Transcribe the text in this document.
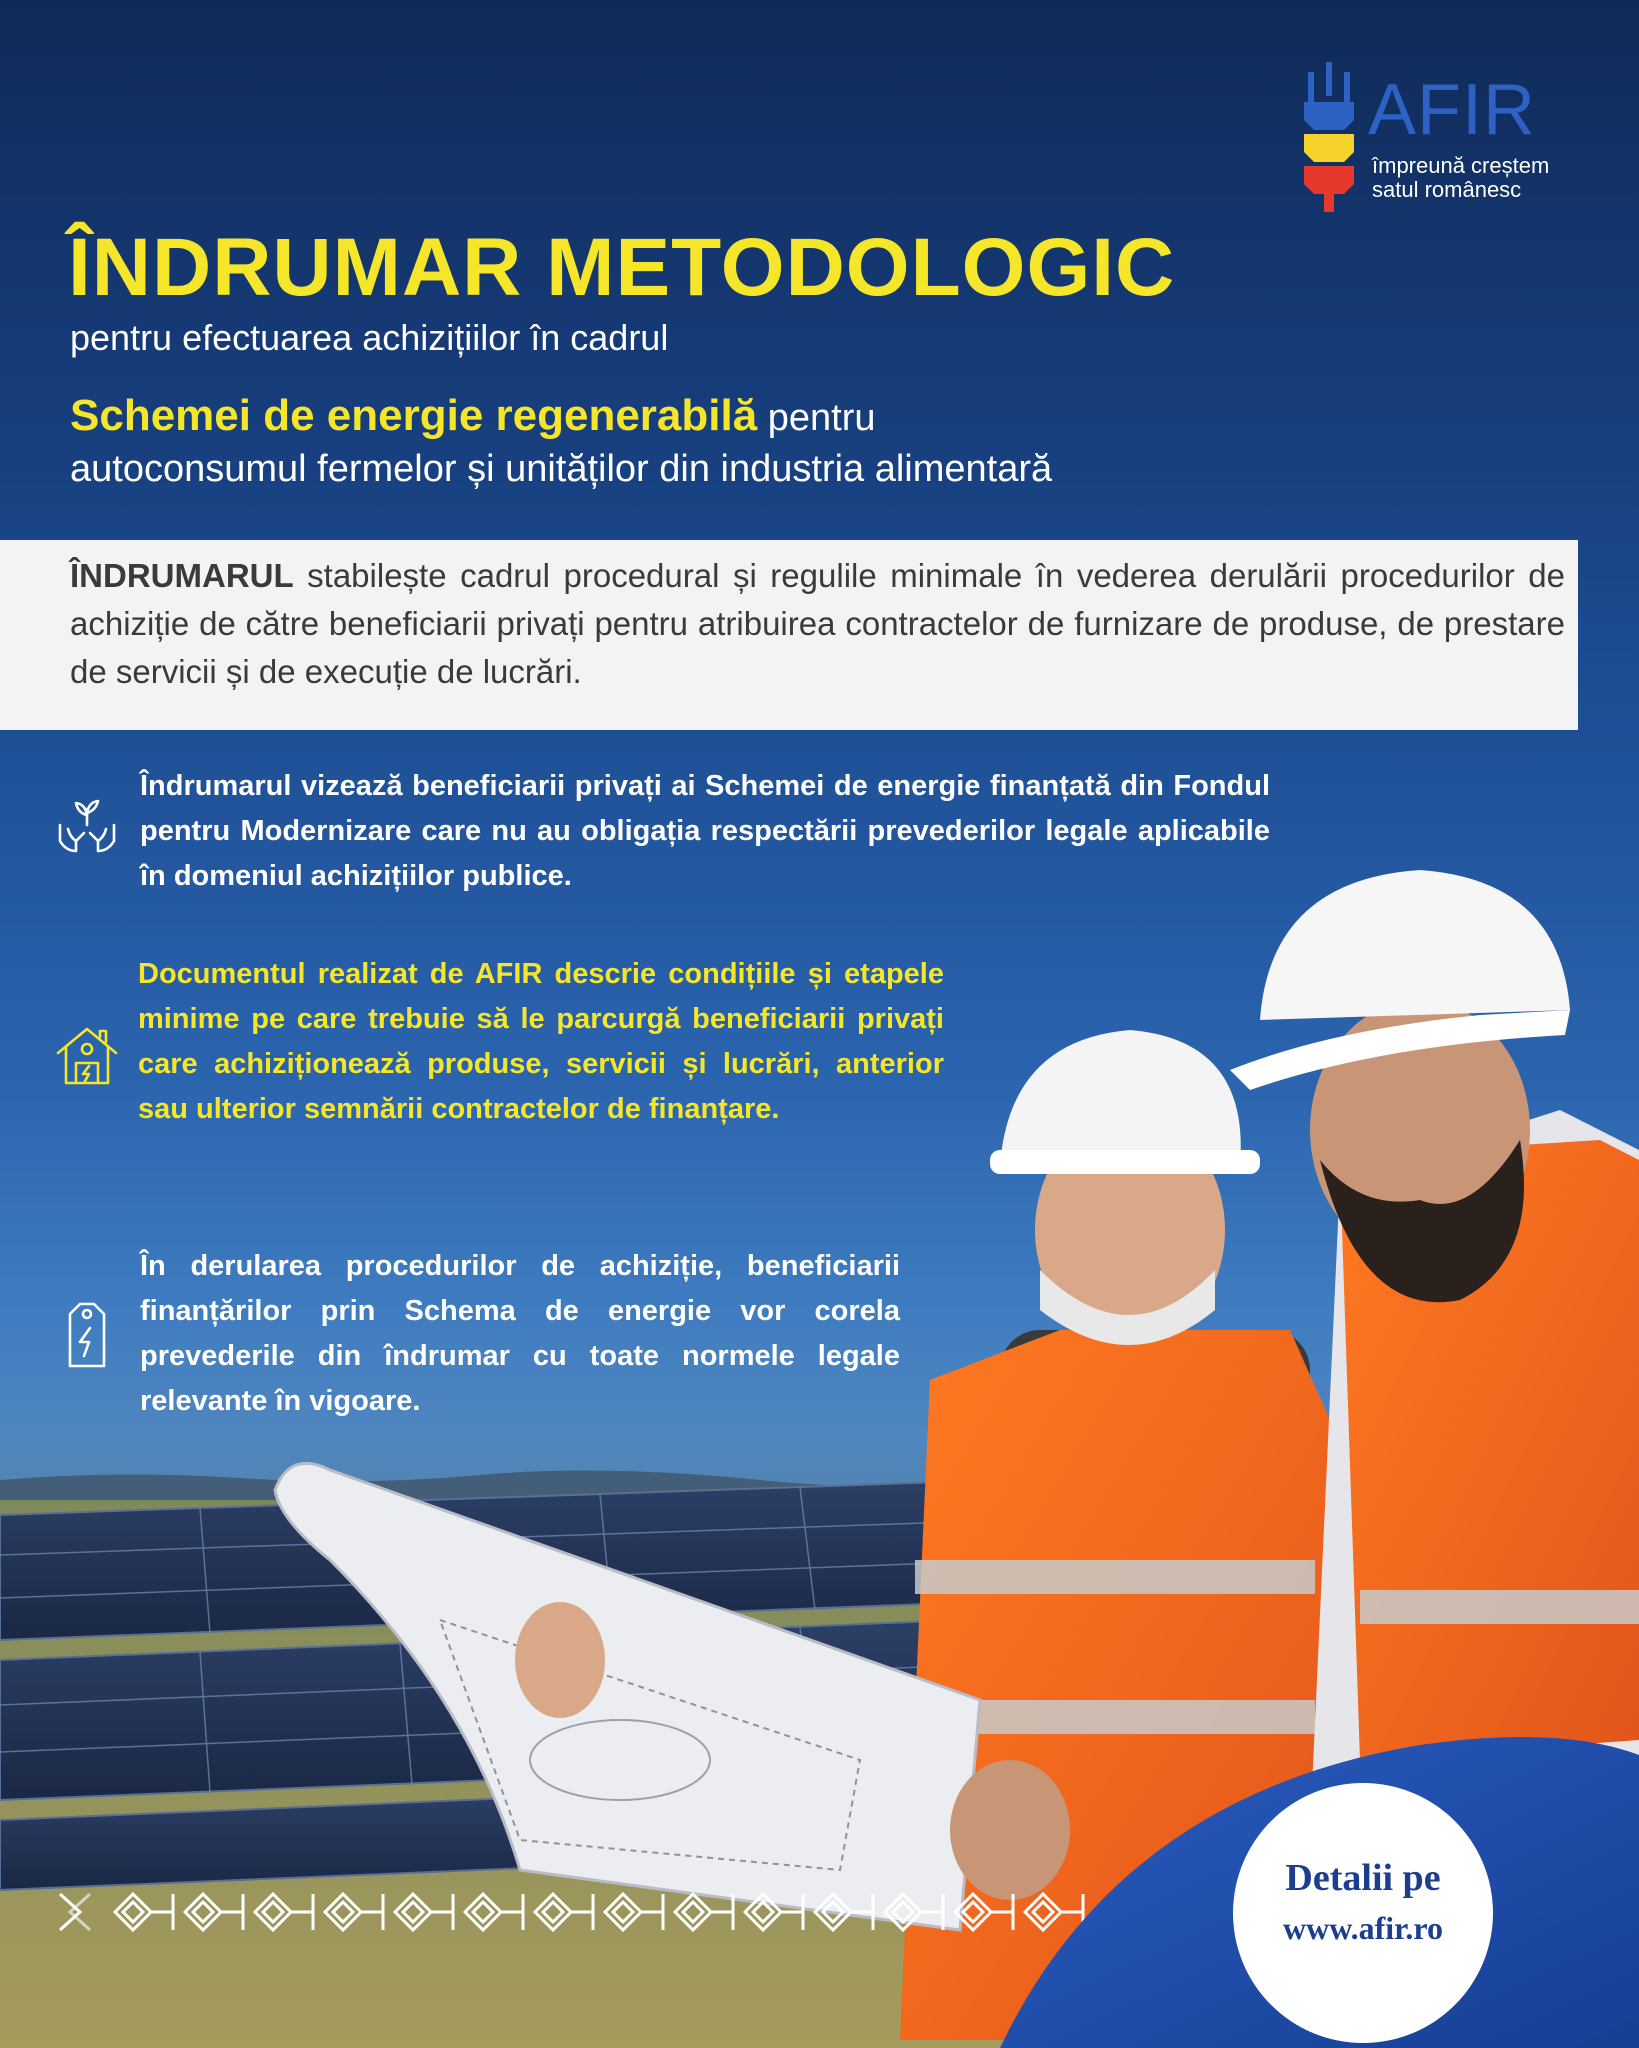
AFIR
împreună creștem
satul românesc
ÎNDRUMAR METODOLOGIC
pentru efectuarea achizițiilor în cadrul
Schemei de energie regenerabilă pentru
autoconsumul fermelor și unităților din industria alimentară
ÎNDRUMARUL stabilește cadrul procedural și regulile minimale în vederea derulării procedurilor de achiziție de către beneficiarii privați pentru atribuirea contractelor de furnizare de produse, de prestare de servicii și de execuție de lucrări.
Îndrumarul vizează beneficiarii privați ai Schemei de energie finanțată din Fondul pentru Modernizare care nu au obligația respectării prevederilor legale aplicabile în domeniul achizițiilor publice.
Documentul realizat de AFIR descrie condițiile și etapele minime pe care trebuie să le parcurgă beneficiarii privați care achiziționează produse, servicii și lucrări, anterior sau ulterior semnării contractelor de finanțare.
În derularea procedurilor de achiziție, beneficiarii finanțărilor prin Schema de energie vor corela prevederile din îndrumar cu toate normele legale relevante în vigoare.
Detalii pe
www.afir.ro
